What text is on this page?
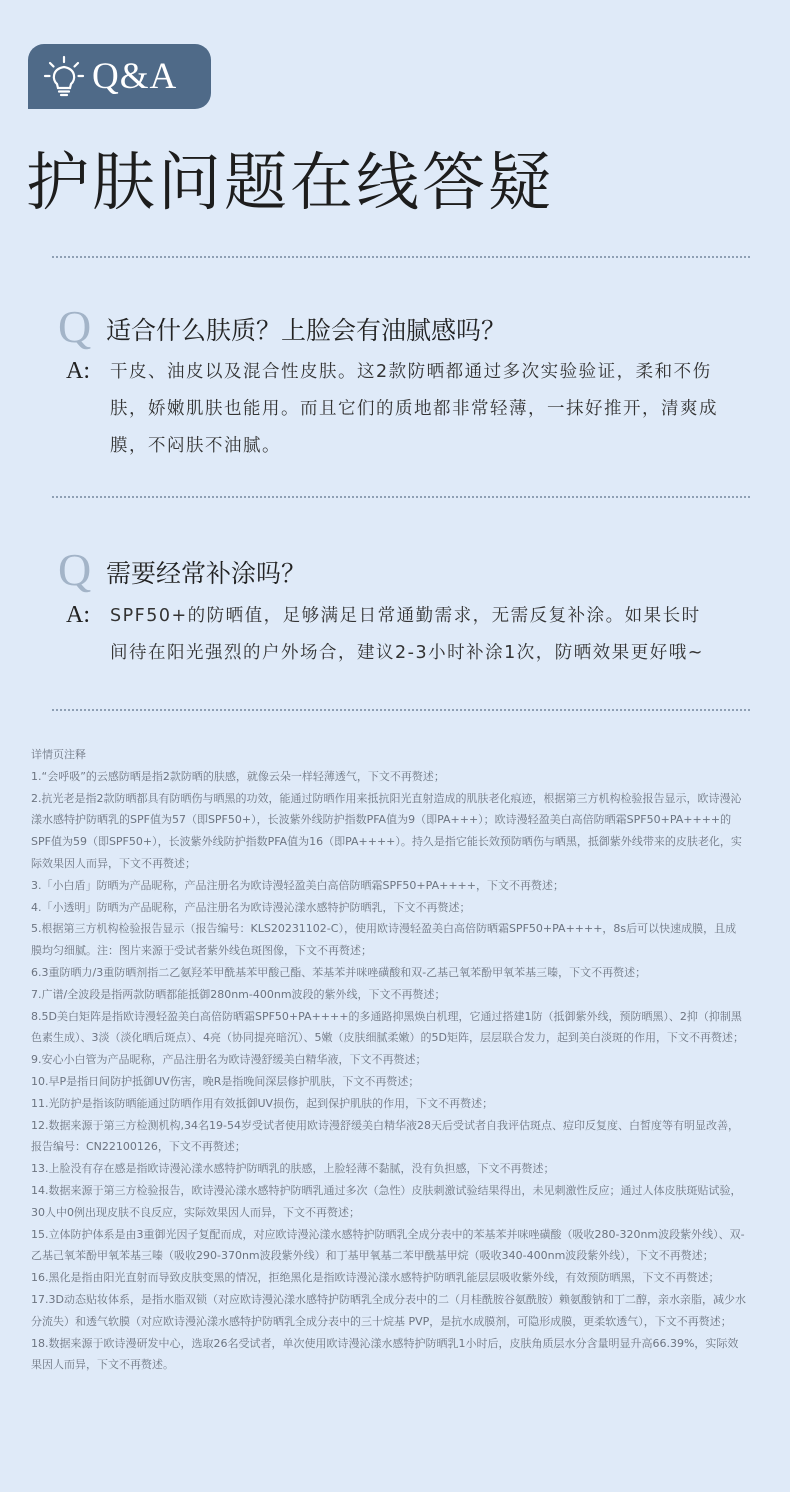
Q&A
护肤问题在线答疑
Q 适合什么肤质？上脸会有油腻感吗？
A: 干皮、油皮以及混合性皮肤。这2款防晒都通过多次实验验证，柔和不伤肤，娇嫩肌肤也能用。而且它们的质地都非常轻薄，一抹好推开，清爽成膜，不闷肤不油腻。
Q 需要经常补涂吗？
A: SPF50+的防晒值，足够满足日常通勤需求，无需反复补涂。如果长时间待在阳光强烈的户外场合，建议2-3小时补涂1次，防晒效果更好哦~

详情页注释

1.“会呼吸”的云感防晒是指2款防晒的肤感，就像云朵一样轻薄透气，下文不再赘述；

2.抗光老是指2款防晒都具有防晒伤与晒黑的功效，能通过防晒作用来抵抗阳光直射造成的肌肤老化痕迹，根据第三方机构检验报告显示，欧诗漫沁漾水感特护防晒乳的SPF值为57（即SPF50+），长波紫外线防护指数PFA值为9（即PA+++）；欧诗漫轻盈美白高倍防晒霜SPF50+PA++++的SPF值为59（即SPF50+），长波紫外线防护指数PFA值为16（即PA++++）。持久是指它能长效预防晒伤与晒黑，抵御紫外线带来的皮肤老化，实际效果因人而异，下文不再赘述；

3.「小白盾」防晒为产品昵称，产品注册名为欧诗漫轻盈美白高倍防晒霜SPF50+PA++++，下文不再赘述；

4.「小透明」防晒为产品昵称，产品注册名为欧诗漫沁漾水感特护防晒乳，下文不再赘述；

5.根据第三方机构检验报告显示（报告编号：KLS20231102-C），使用欧诗漫轻盈美白高倍防晒霜SPF50+PA++++，8s后可以快速成膜，且成膜均匀细腻。注：图片来源于受试者紫外线色斑图像，下文不再赘述；

6.3重防晒力/3重防晒剂指二乙氨羟苯甲酰基苯甲酸己酯、苯基苯并咪唑磺酸和双-乙基己氧苯酚甲氧苯基三嗪，下文不再赘述；

7.广谱/全波段是指两款防晒都能抵御280nm-400nm波段的紫外线，下文不再赘述；

8.5D美白矩阵是指欧诗漫轻盈美白高倍防晒霜SPF50+PA++++的多通路抑黑焕白机理，它通过搭建1防（抵御紫外线，预防晒黑）、2抑（抑制黑色素生成）、3淡（淡化晒后斑点）、4亮（协同提亮暗沉）、5嫩（皮肤细腻柔嫩）的5D矩阵，层层联合发力，起到美白淡斑的作用，下文不再赘述；

9.安心小白管为产品昵称，产品注册名为欧诗漫舒缓美白精华液，下文不再赘述；

10.早P是指日间防护抵御UV伤害，晚R是指晚间深层修护肌肤，下文不再赘述；

11.光防护是指该防晒能通过防晒作用有效抵御UV损伤，起到保护肌肤的作用，下文不再赘述；

12.数据来源于第三方检测机构,34名19-54岁受试者使用欧诗漫舒缓美白精华液28天后受试者自我评估斑点、痘印反复度、白皙度等有明显改善，报告编号：CN22100126，下文不再赘述；

13.上脸没有存在感是指欧诗漫沁漾水感特护防晒乳的肤感，上脸轻薄不黏腻，没有负担感，下文不再赘述；

14.数据来源于第三方检验报告，欧诗漫沁漾水感特护防晒乳通过多次（急性）皮肤刺激试验结果得出，未见刺激性反应；通过人体皮肤斑贴试验，30人中0例出现皮肤不良反应，实际效果因人而异，下文不再赘述；

15.立体防护体系是由3重御光因子复配而成，对应欧诗漫沁漾水感特护防晒乳全成分表中的苯基苯并咪唑磺酸（吸收280-320nm波段紫外线）、双-乙基己氧苯酚甲氧苯基三嗪（吸收290-370nm波段紫外线）和丁基甲氧基二苯甲酰基甲烷（吸收340-400nm波段紫外线），下文不再赘述；

16.黑化是指由阳光直射而导致皮肤变黑的情况，拒绝黑化是指欧诗漫沁漾水感特护防晒乳能层层吸收紫外线，有效预防晒黑，下文不再赘述；

17.3D动态贴妆体系，是指水脂双锁（对应欧诗漫沁漾水感特护防晒乳全成分表中的二（月桂酰胺谷氨酰胺）赖氨酸钠和丁二醇，亲水亲脂，减少水分流失）和透气软膜（对应欧诗漫沁漾水感特护防晒乳全成分表中的三十烷基 PVP，是抗水成膜剂，可隐形成膜，更柔软透气），下文不再赘述；

18.数据来源于欧诗漫研发中心，选取26名受试者，单次使用欧诗漫沁漾水感特护防晒乳1小时后，皮肤角质层水分含量明显升高66.39%，实际效果因人而异，下文不再赘述。
